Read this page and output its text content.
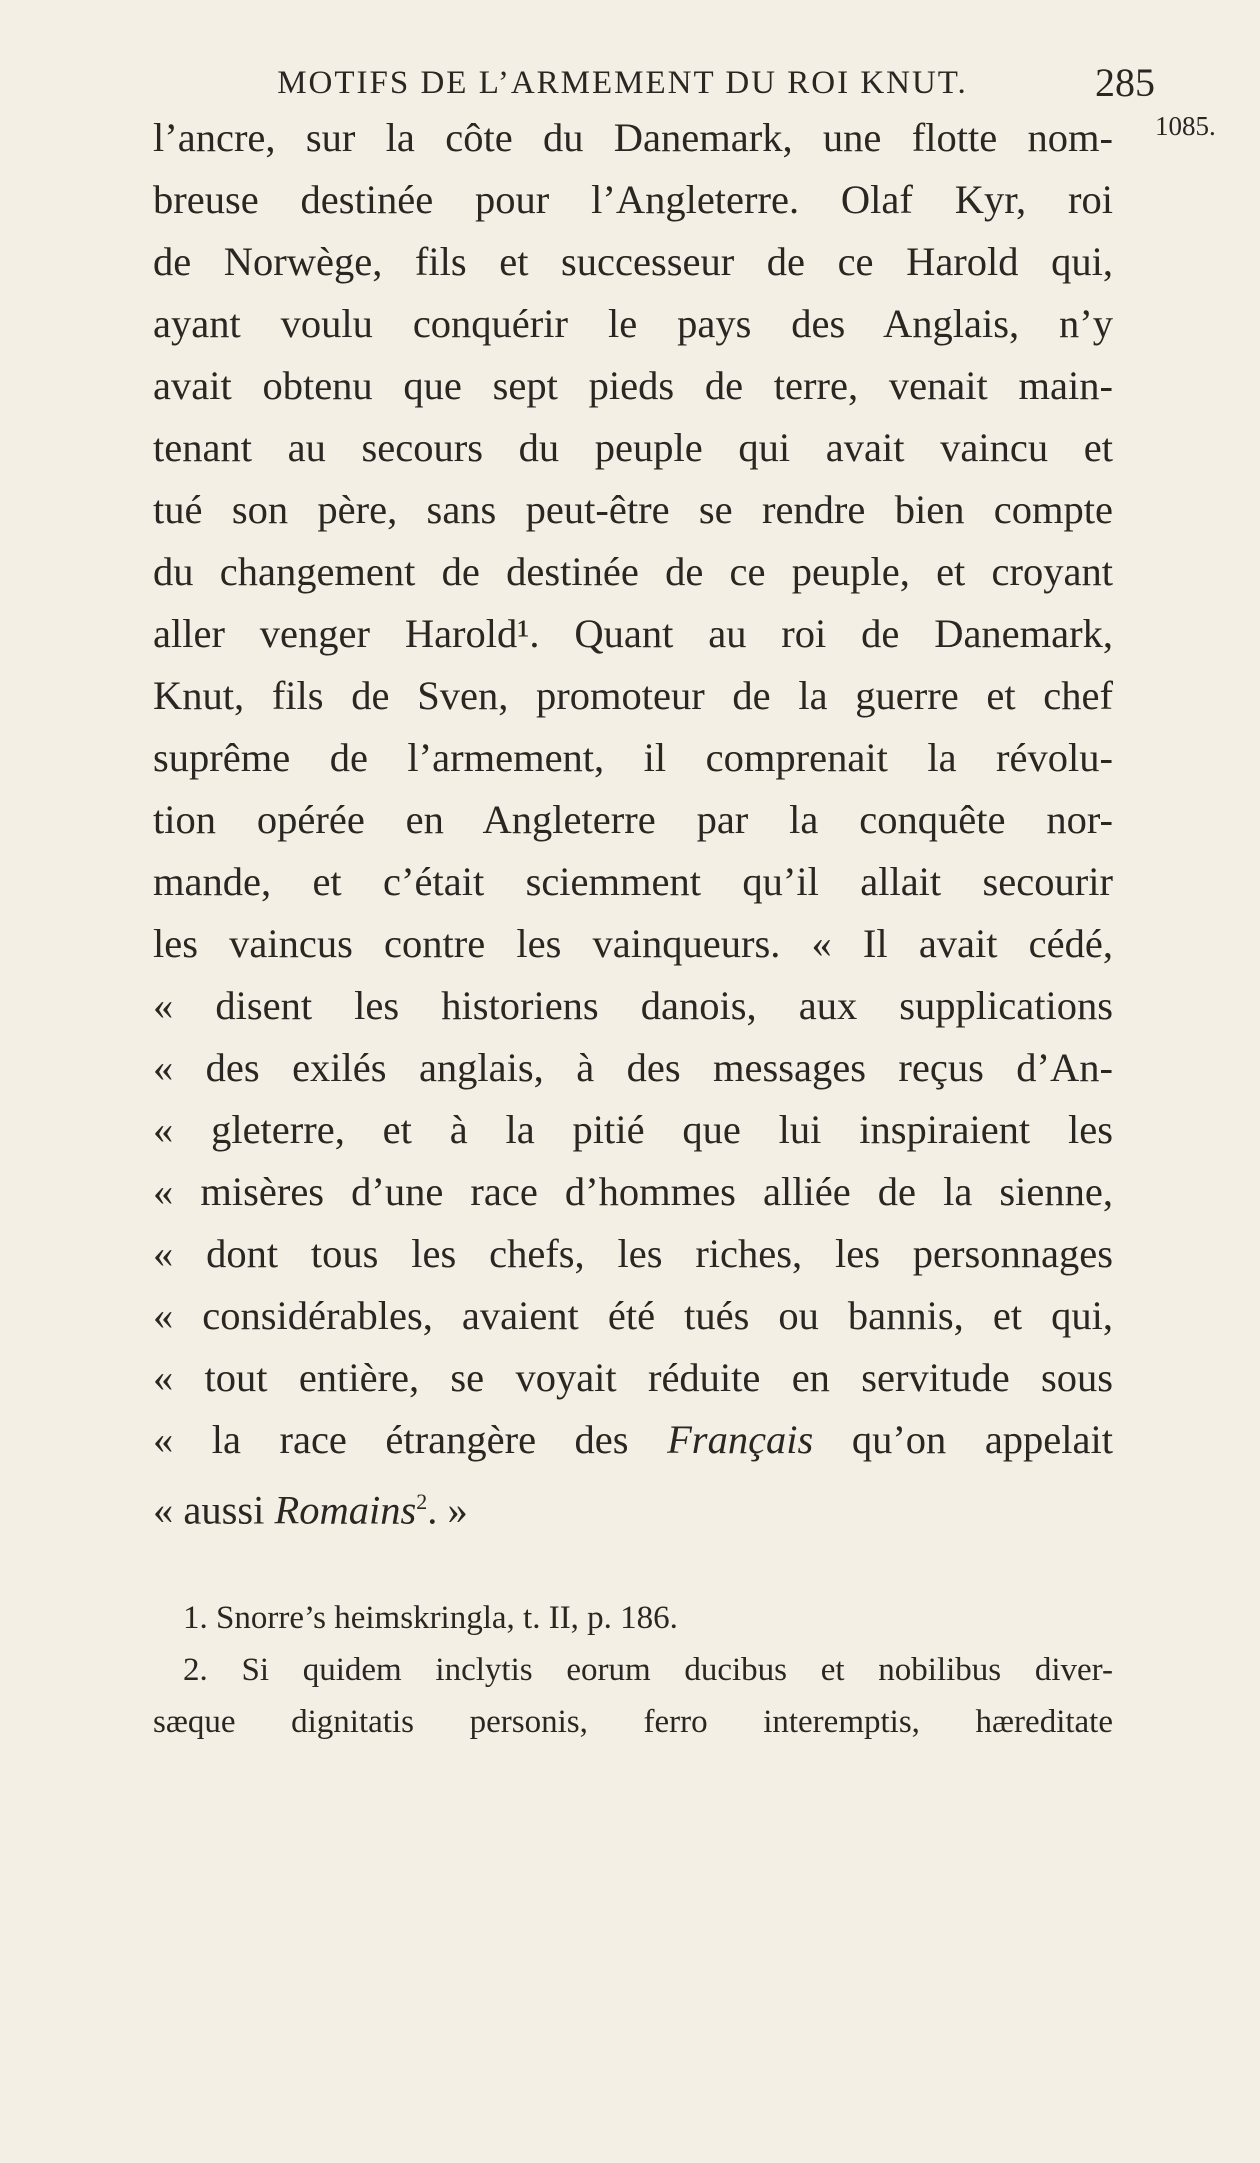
MOTIFS DE L’ARMEMENT DU ROI KNUT.	285
1085.
l’ancre, sur la côte du Danemark, une flotte nom-
breuse destinée pour l’Angleterre. Olaf Kyr, roi
de Norwège, fils et successeur de ce Harold qui,
ayant voulu conquérir le pays des Anglais, n’y
avait obtenu que sept pieds de terre, venait main-
tenant au secours du peuple qui avait vaincu et
tué son père, sans peut-être se rendre bien compte
du changement de destinée de ce peuple, et croyant
aller venger Harold¹. Quant au roi de Danemark,
Knut, fils de Sven, promoteur de la guerre et chef
suprême de l’armement, il comprenait la révolu-
tion opérée en Angleterre par la conquête nor-
mande, et c’était sciemment qu’il allait secourir
les vaincus contre les vainqueurs. « Il avait cédé,
« disent les historiens danois, aux supplications
« des exilés anglais, à des messages reçus d’An-
« gleterre, et à la pitié que lui inspiraient les
« misères d’une race d’hommes alliée de la sienne,
« dont tous les chefs, les riches, les personnages
« considérables, avaient été tués ou bannis, et qui,
« tout entière, se voyait réduite en servitude sous
« la race étrangère des Français qu’on appelait
« aussi Romains$^2$. »
1. Snorre’s heimskringla, t. II, p. 186.
2. Si quidem inclytis eorum ducibus et nobilibus diver-
sæque dignitatis personis, ferro interemptis, hæreditate
